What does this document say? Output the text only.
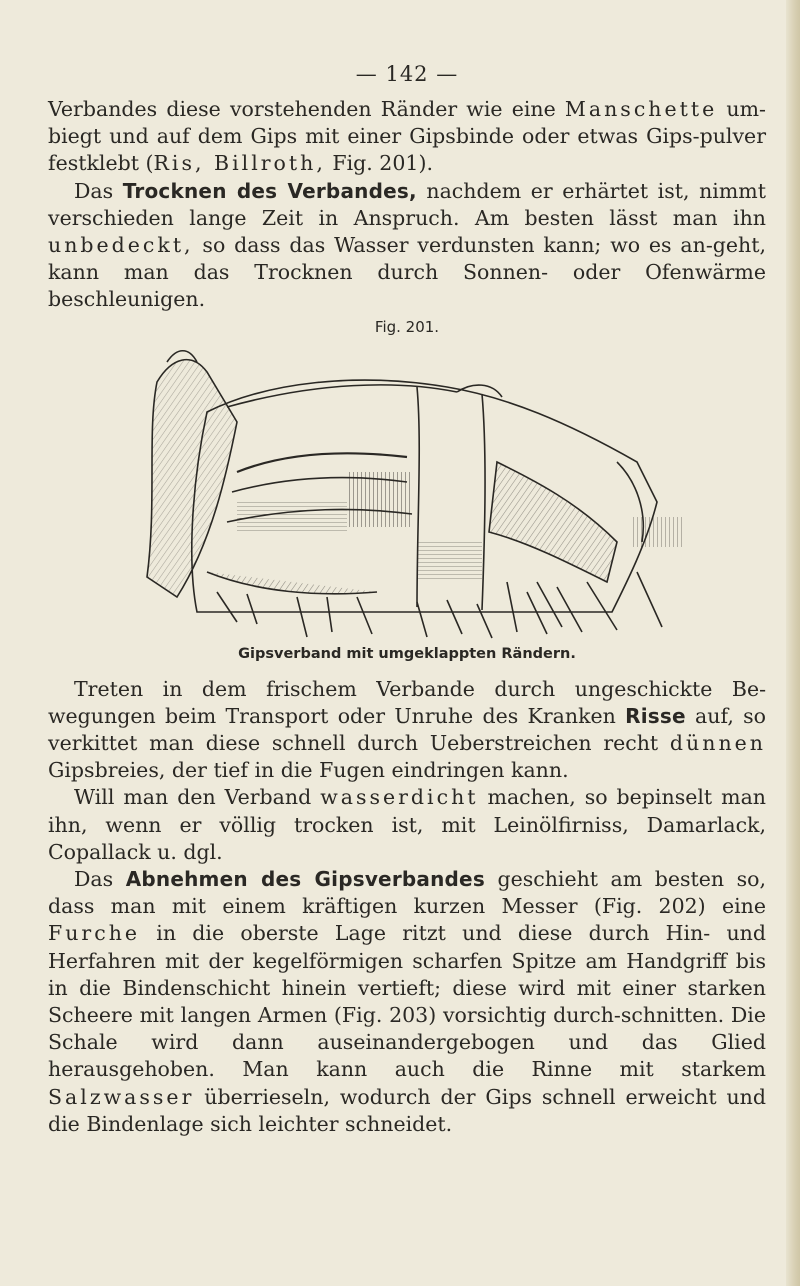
— 142 —

Verbandes diese vorstehenden Ränder wie eine Manschette um-biegt und auf dem Gips mit einer Gipsbinde oder etwas Gips-pulver festklebt (Ris, Billroth, Fig. 201).

Das Trocknen des Verbandes, nachdem er erhärtet ist, nimmt verschieden lange Zeit in Anspruch. Am besten lässt man ihn unbedeckt, so dass das Wasser verdunsten kann; wo es an-geht, kann man das Trocknen durch Sonnen- oder Ofenwärme beschleunigen.

Fig. 201.
Gipsverband mit umgeklappten Rändern.

Treten in dem frischem Verbande durch ungeschickte Be-wegungen beim Transport oder Unruhe des Kranken Risse auf, so verkittet man diese schnell durch Ueberstreichen recht dünnen Gipsbreies, der tief in die Fugen eindringen kann.

Will man den Verband wasserdicht machen, so bepinselt man ihn, wenn er völlig trocken ist, mit Leinölfirniss, Damarlack, Copallack u. dgl.

Das Abnehmen des Gipsverbandes geschieht am besten so, dass man mit einem kräftigen kurzen Messer (Fig. 202) eine Furche in die oberste Lage ritzt und diese durch Hin- und Herfahren mit der kegelförmigen scharfen Spitze am Handgriff bis in die Bindenschicht hinein vertieft; diese wird mit einer starken Scheere mit langen Armen (Fig. 203) vorsichtig durch-schnitten. Die Schale wird dann auseinandergebogen und das Glied herausgehoben. Man kann auch die Rinne mit starkem Salzwasser überrieseln, wodurch der Gips schnell erweicht und die Bindenlage sich leichter schneidet.
